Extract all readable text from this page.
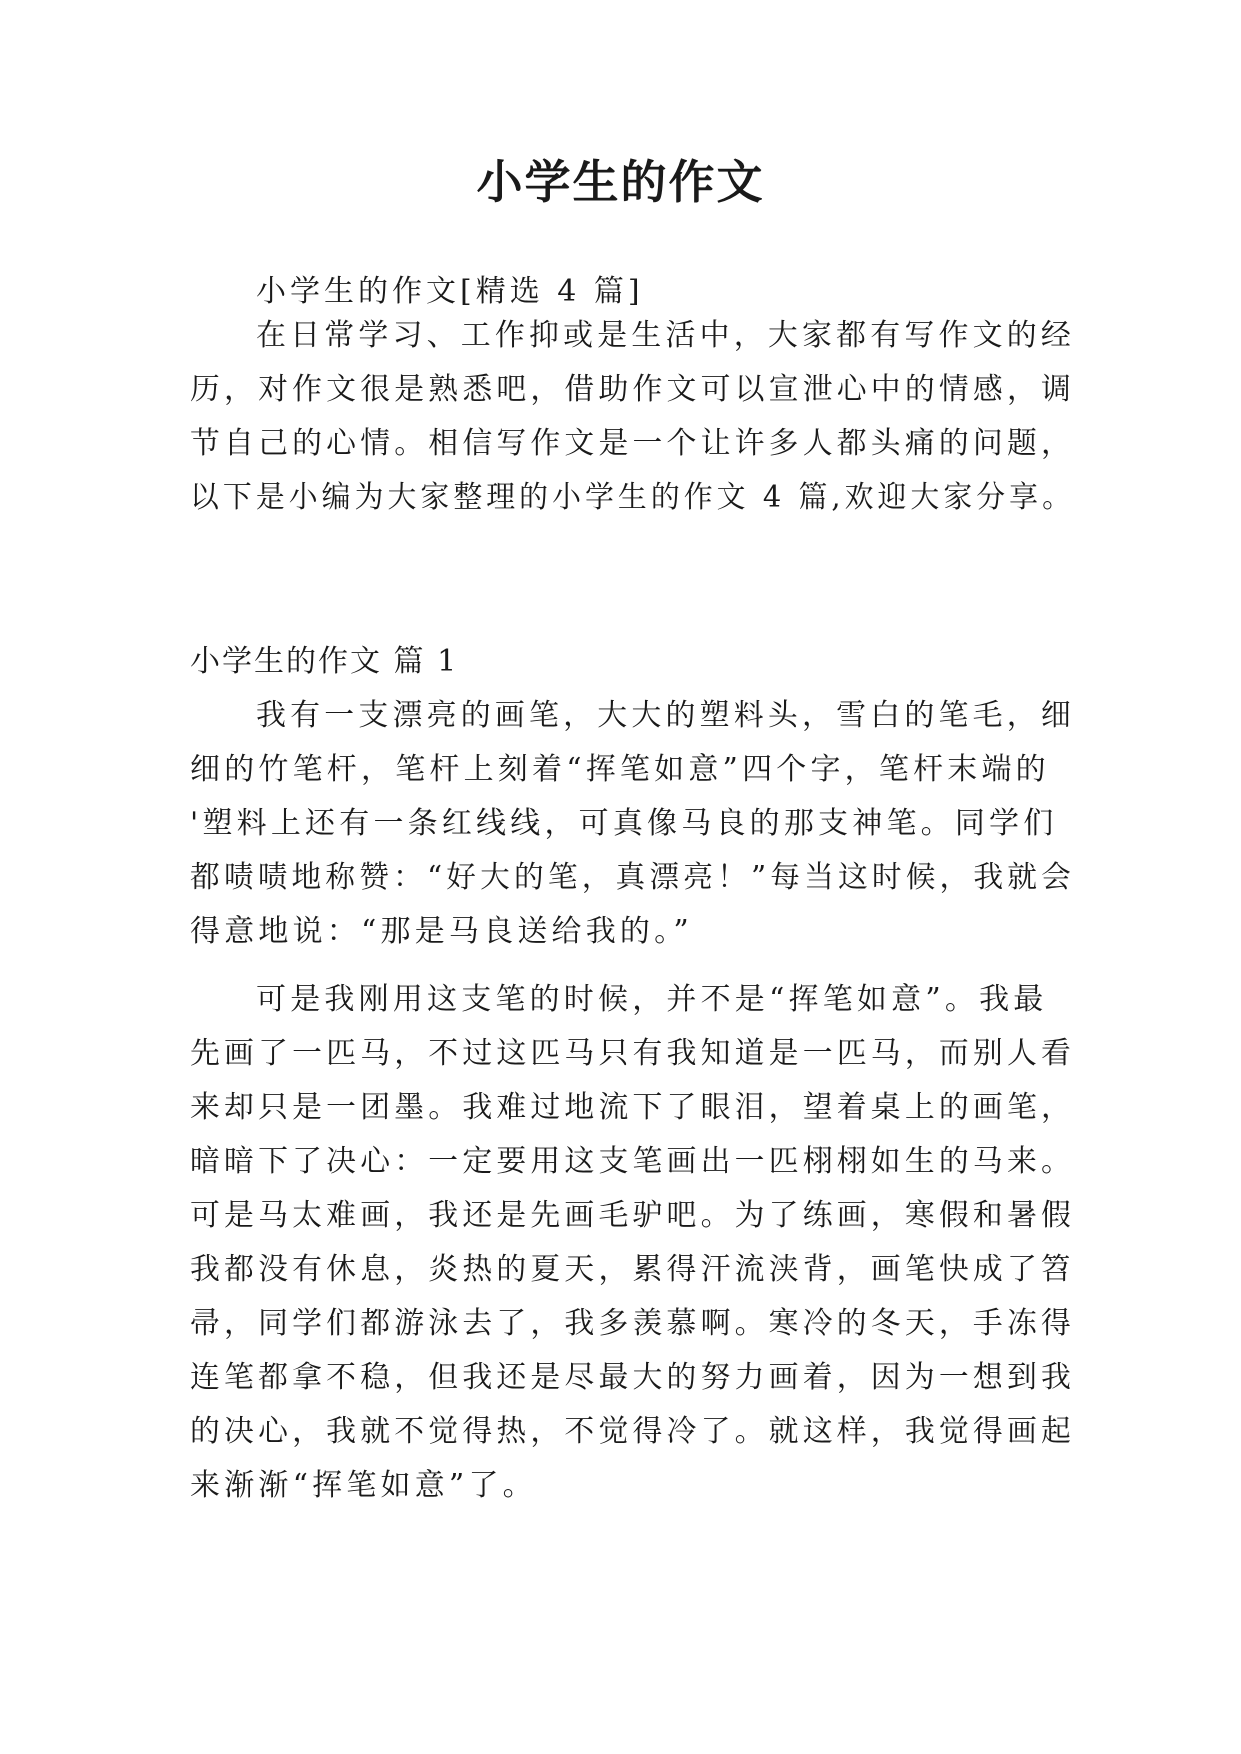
小学生的作文
小学生的作文[精选 4 篇]
在日常学习、工作抑或是生活中，大家都有写作文的经
历，对作文很是熟悉吧，借助作文可以宣泄心中的情感，调
节自己的心情。相信写作文是一个让许多人都头痛的问题，
以下是小编为大家整理的小学生的作文 4 篇,欢迎大家分享。
小学生的作文 篇 1
我有一支漂亮的画笔，大大的塑料头，雪白的笔毛，细
细的竹笔杆，笔杆上刻着“挥笔如意”四个字，笔杆末端的
'塑料上还有一条红线线，可真像马良的那支神笔。同学们
都啧啧地称赞：“好大的笔，真漂亮！”每当这时候，我就会
得意地说：“那是马良送给我的。”
可是我刚用这支笔的时候，并不是“挥笔如意”。我最
先画了一匹马，不过这匹马只有我知道是一匹马，而别人看
来却只是一团墨。我难过地流下了眼泪，望着桌上的画笔，
暗暗下了决心：一定要用这支笔画出一匹栩栩如生的马来。
可是马太难画，我还是先画毛驴吧。为了练画，寒假和暑假
我都没有休息，炎热的夏天，累得汗流浃背，画笔快成了笤
帚，同学们都游泳去了，我多羡慕啊。寒冷的冬天，手冻得
连笔都拿不稳，但我还是尽最大的努力画着，因为一想到我
的决心，我就不觉得热，不觉得冷了。就这样，我觉得画起
来渐渐“挥笔如意”了。
